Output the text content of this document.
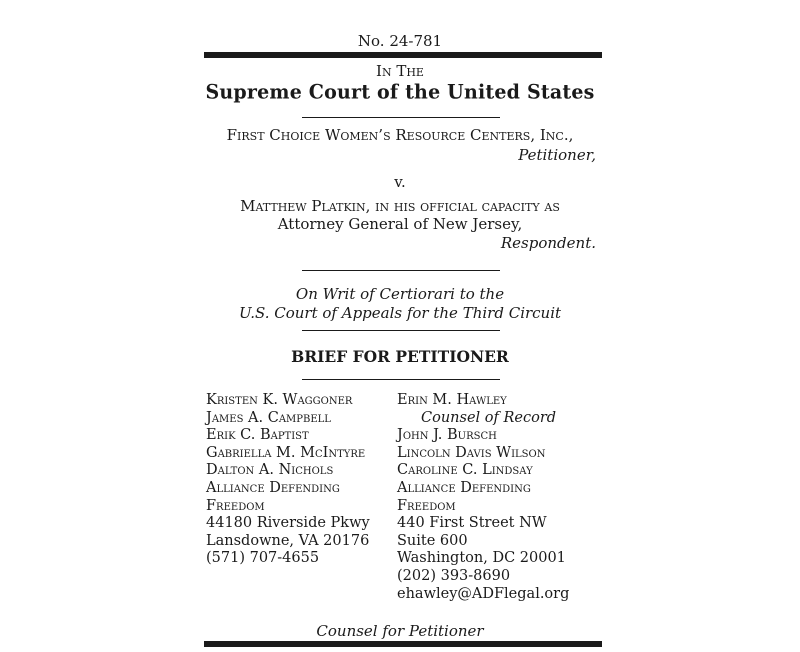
No. 24-781
In The
Supreme Court of the United States
First Choice Women’s Resource Centers, Inc.,
Petitioner,
v.
Matthew Platkin, in his official capacity as
Attorney General of New Jersey,
Respondent.
On Writ of Certiorari to the
U.S. Court of Appeals for the Third Circuit
BRIEF FOR PETITIONER
Kristen K. Waggoner
James A. Campbell
Erik C. Baptist
Gabriella M. McIntyre
Dalton A. Nichols
Alliance Defending
Freedom
44180 Riverside Pkwy
Lansdowne, VA 20176
(571) 707-4655
Erin M. Hawley
Counsel of Record
John J. Bursch
Lincoln Davis Wilson
Caroline C. Lindsay
Alliance Defending
Freedom
440 First Street NW
Suite 600
Washington, DC 20001
(202) 393-8690
ehawley@ADFlegal.org
Counsel for Petitioner
